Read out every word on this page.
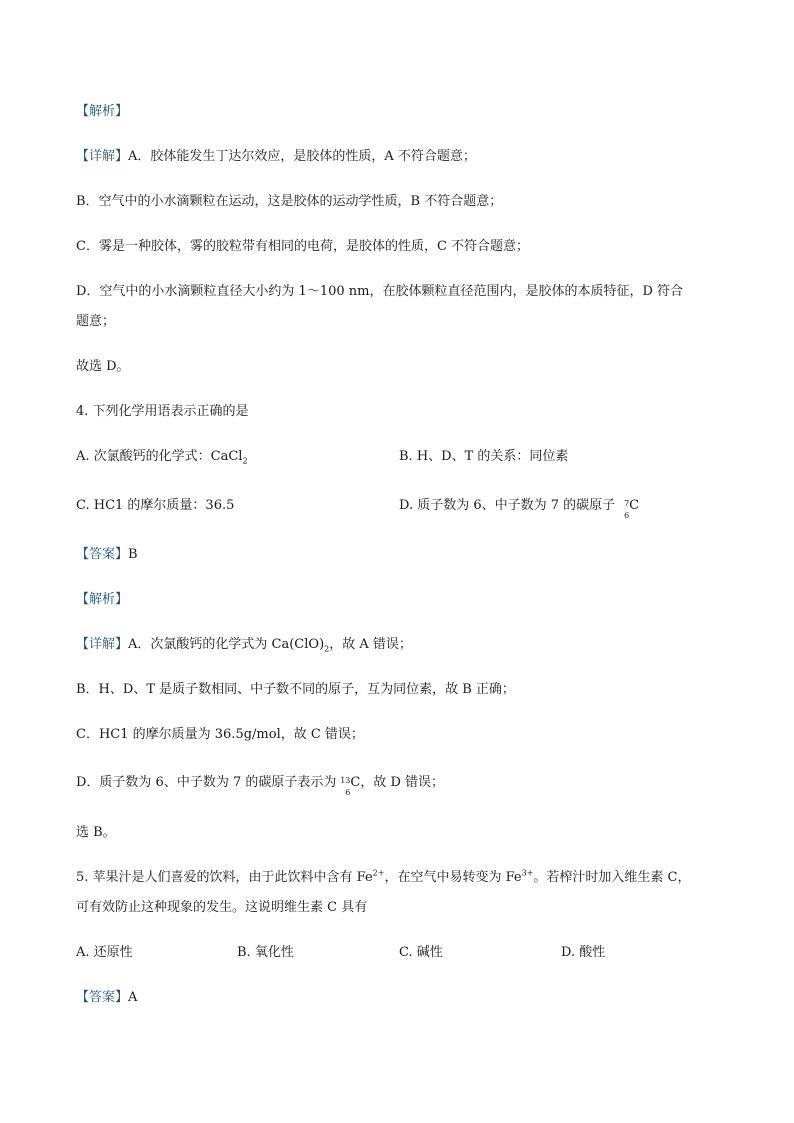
【解析】
【详解】A．胶体能发生丁达尔效应，是胶体的性质，A 不符合题意；
B．空气中的小水滴颗粒在运动，这是胶体的运动学性质，B 不符合题意；
C．雾是一种胶体，雾的胶粒带有相同的电荷，是胶体的性质，C 不符合题意；
D．空气中的小水滴颗粒直径大小约为 1～100 nm，在胶体颗粒直径范围内，是胶体的本质特征，D 符合
题意；
故选 D。
4. 下列化学用语表示正确的是
A. 次氯酸钙的化学式：CaCl$_2$	B. H、D、T 的关系：同位素
C. HC1 的摩尔质量：36.5	D. 质子数为 6、中子数为 7 的碳原子 7
6
C
【答案】B
【解析】
【详解】A．次氯酸钙的化学式为 $Ca(ClO)_2$，故 A 错误；
B．H、D、T 是质子数相同、中子数不同的原子，互为同位素，故 B 正确；
C．HC1 的摩尔质量为 36.5g/mol，故 C 错误；
D．质子数为 6、中子数为 7 的碳原子表示为 13
6
C，故 D 错误；
选 B。
5. 苹果汁是人们喜爱的饮料，由于此饮料中含有 $Fe^{2+}$，在空气中易转变为 $Fe^{3+}$。若榨汁时加入维生素 C，
可有效防止这种现象的发生。这说明维生素 C 具有
A. 还原性	B. 氧化性	C. 碱性	D. 酸性
【答案】A
